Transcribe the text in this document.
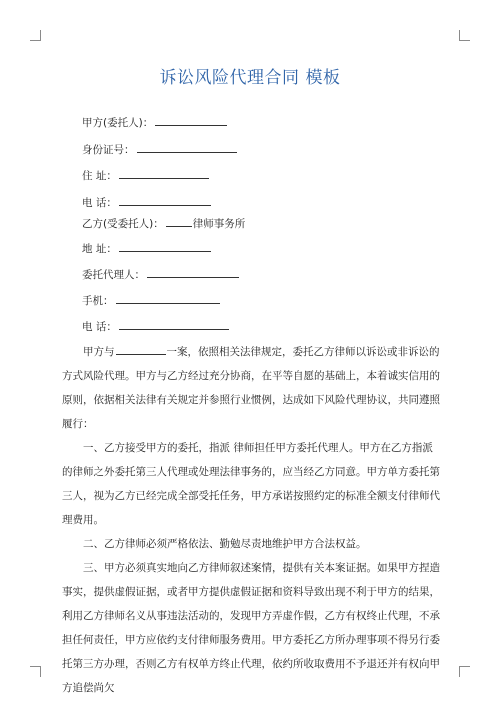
诉讼风险代理合同 模板
甲方(委托人)：
身份证号：
住 址：
电 话：
乙方(受委托人)：	律师事务所
地 址：
委托代理人：
手机：
电 话：

甲方与	一案，依照相关法律规定，委托乙方律师以诉讼或非诉讼的方式风险代理。甲方与乙方经过充分协商，在平等自愿的基础上，本着诚实信用的原则，依据相关法律有关规定并参照行业惯例，达成如下风险代理协议，共同遵照履行：

一、乙方接受甲方的委托，指派 律师担任甲方委托代理人。甲方在乙方指派的律师之外委托第三人代理或处理法律事务的，应当经乙方同意。甲方单方委托第三人，视为乙方已经完成全部受托任务，甲方承诺按照约定的标准全额支付律师代理费用。

二、乙方律师必须严格依法、勤勉尽责地维护甲方合法权益。

三、甲方必须真实地向乙方律师叙述案情，提供有关本案证据。如果甲方捏造事实，提供虚假证据，或者甲方提供虚假证据和资料导致出现不利于甲方的结果，利用乙方律师名义从事违法活动的，发现甲方弄虚作假，乙方有权终止代理，不承担任何责任，甲方应依约支付律师服务费用。甲方委托乙方所办理事项不得另行委托第三方办理，否则乙方有权单方终止代理，依约所收取费用不予退还并有权向甲方追偿尚欠
